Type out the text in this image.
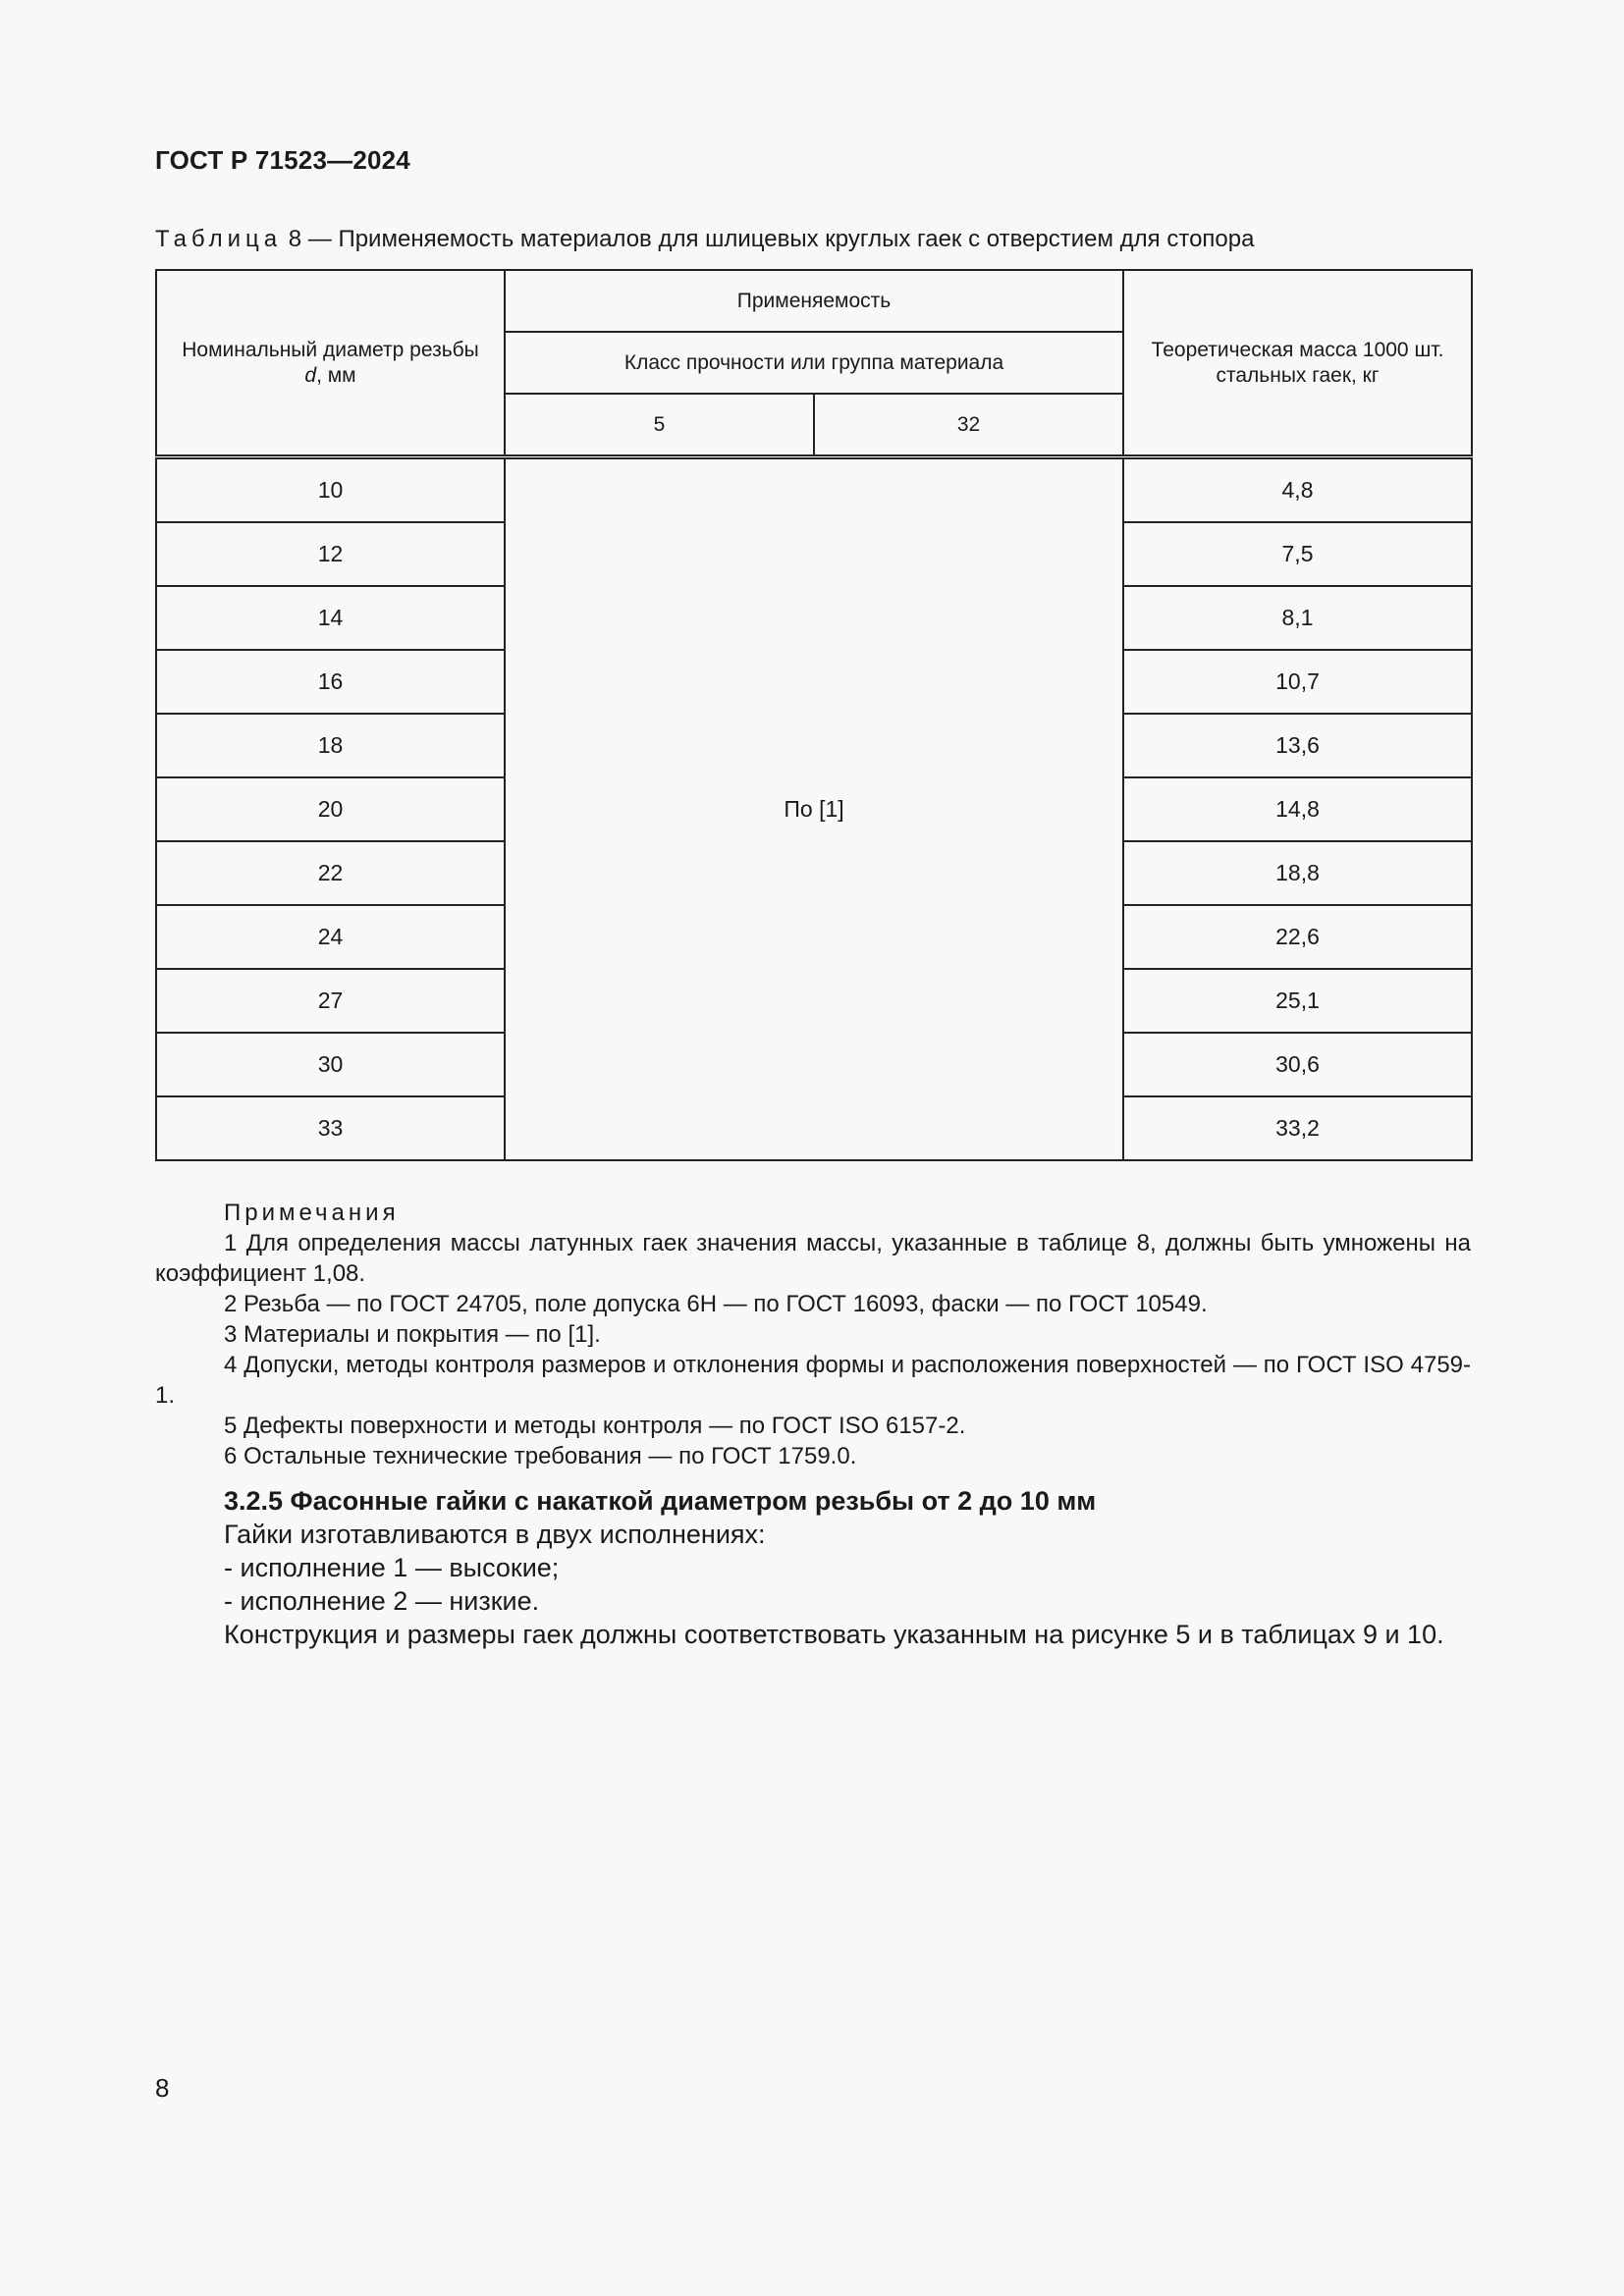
ГОСТ Р 71523—2024
Таблица 8 — Применяемость материалов для шлицевых круглых гаек с отверстием для стопора
Номинальный диаметр резьбы
d, мм	Применяемость		Теоретическая масса 1000 шт.
стальных гаек, кг
	Класс прочности или группа материала		
	5	32	
10	По [1]		4,8
12			7,5
14			8,1
16			10,7
18			13,6
20			14,8
22			18,8
24			22,6
27			25,1
30			30,6
33			33,2
Примечания

1 Для определения массы латунных гаек значения массы, указанные в таблице 8, должны быть умножены на коэффициент 1,08.

2 Резьба — по ГОСТ 24705, поле допуска 6Н — по ГОСТ 16093, фаски — по ГОСТ 10549.

3 Материалы и покрытия — по [1].

4 Допуски, методы контроля размеров и отклонения формы и расположения поверхностей — по ГОСТ ISO 4759-1.

5 Дефекты поверхности и методы контроля — по ГОСТ ISO 6157-2.

6 Остальные технические требования — по ГОСТ 1759.0.

3.2.5 Фасонные гайки с накаткой диаметром резьбы от 2 до 10 мм

Гайки изготавливаются в двух исполнениях:

- исполнение 1 — высокие;

- исполнение 2 — низкие.

Конструкция и размеры гаек должны соответствовать указанным на рисунке 5 и в таблицах 9 и 10.

8
